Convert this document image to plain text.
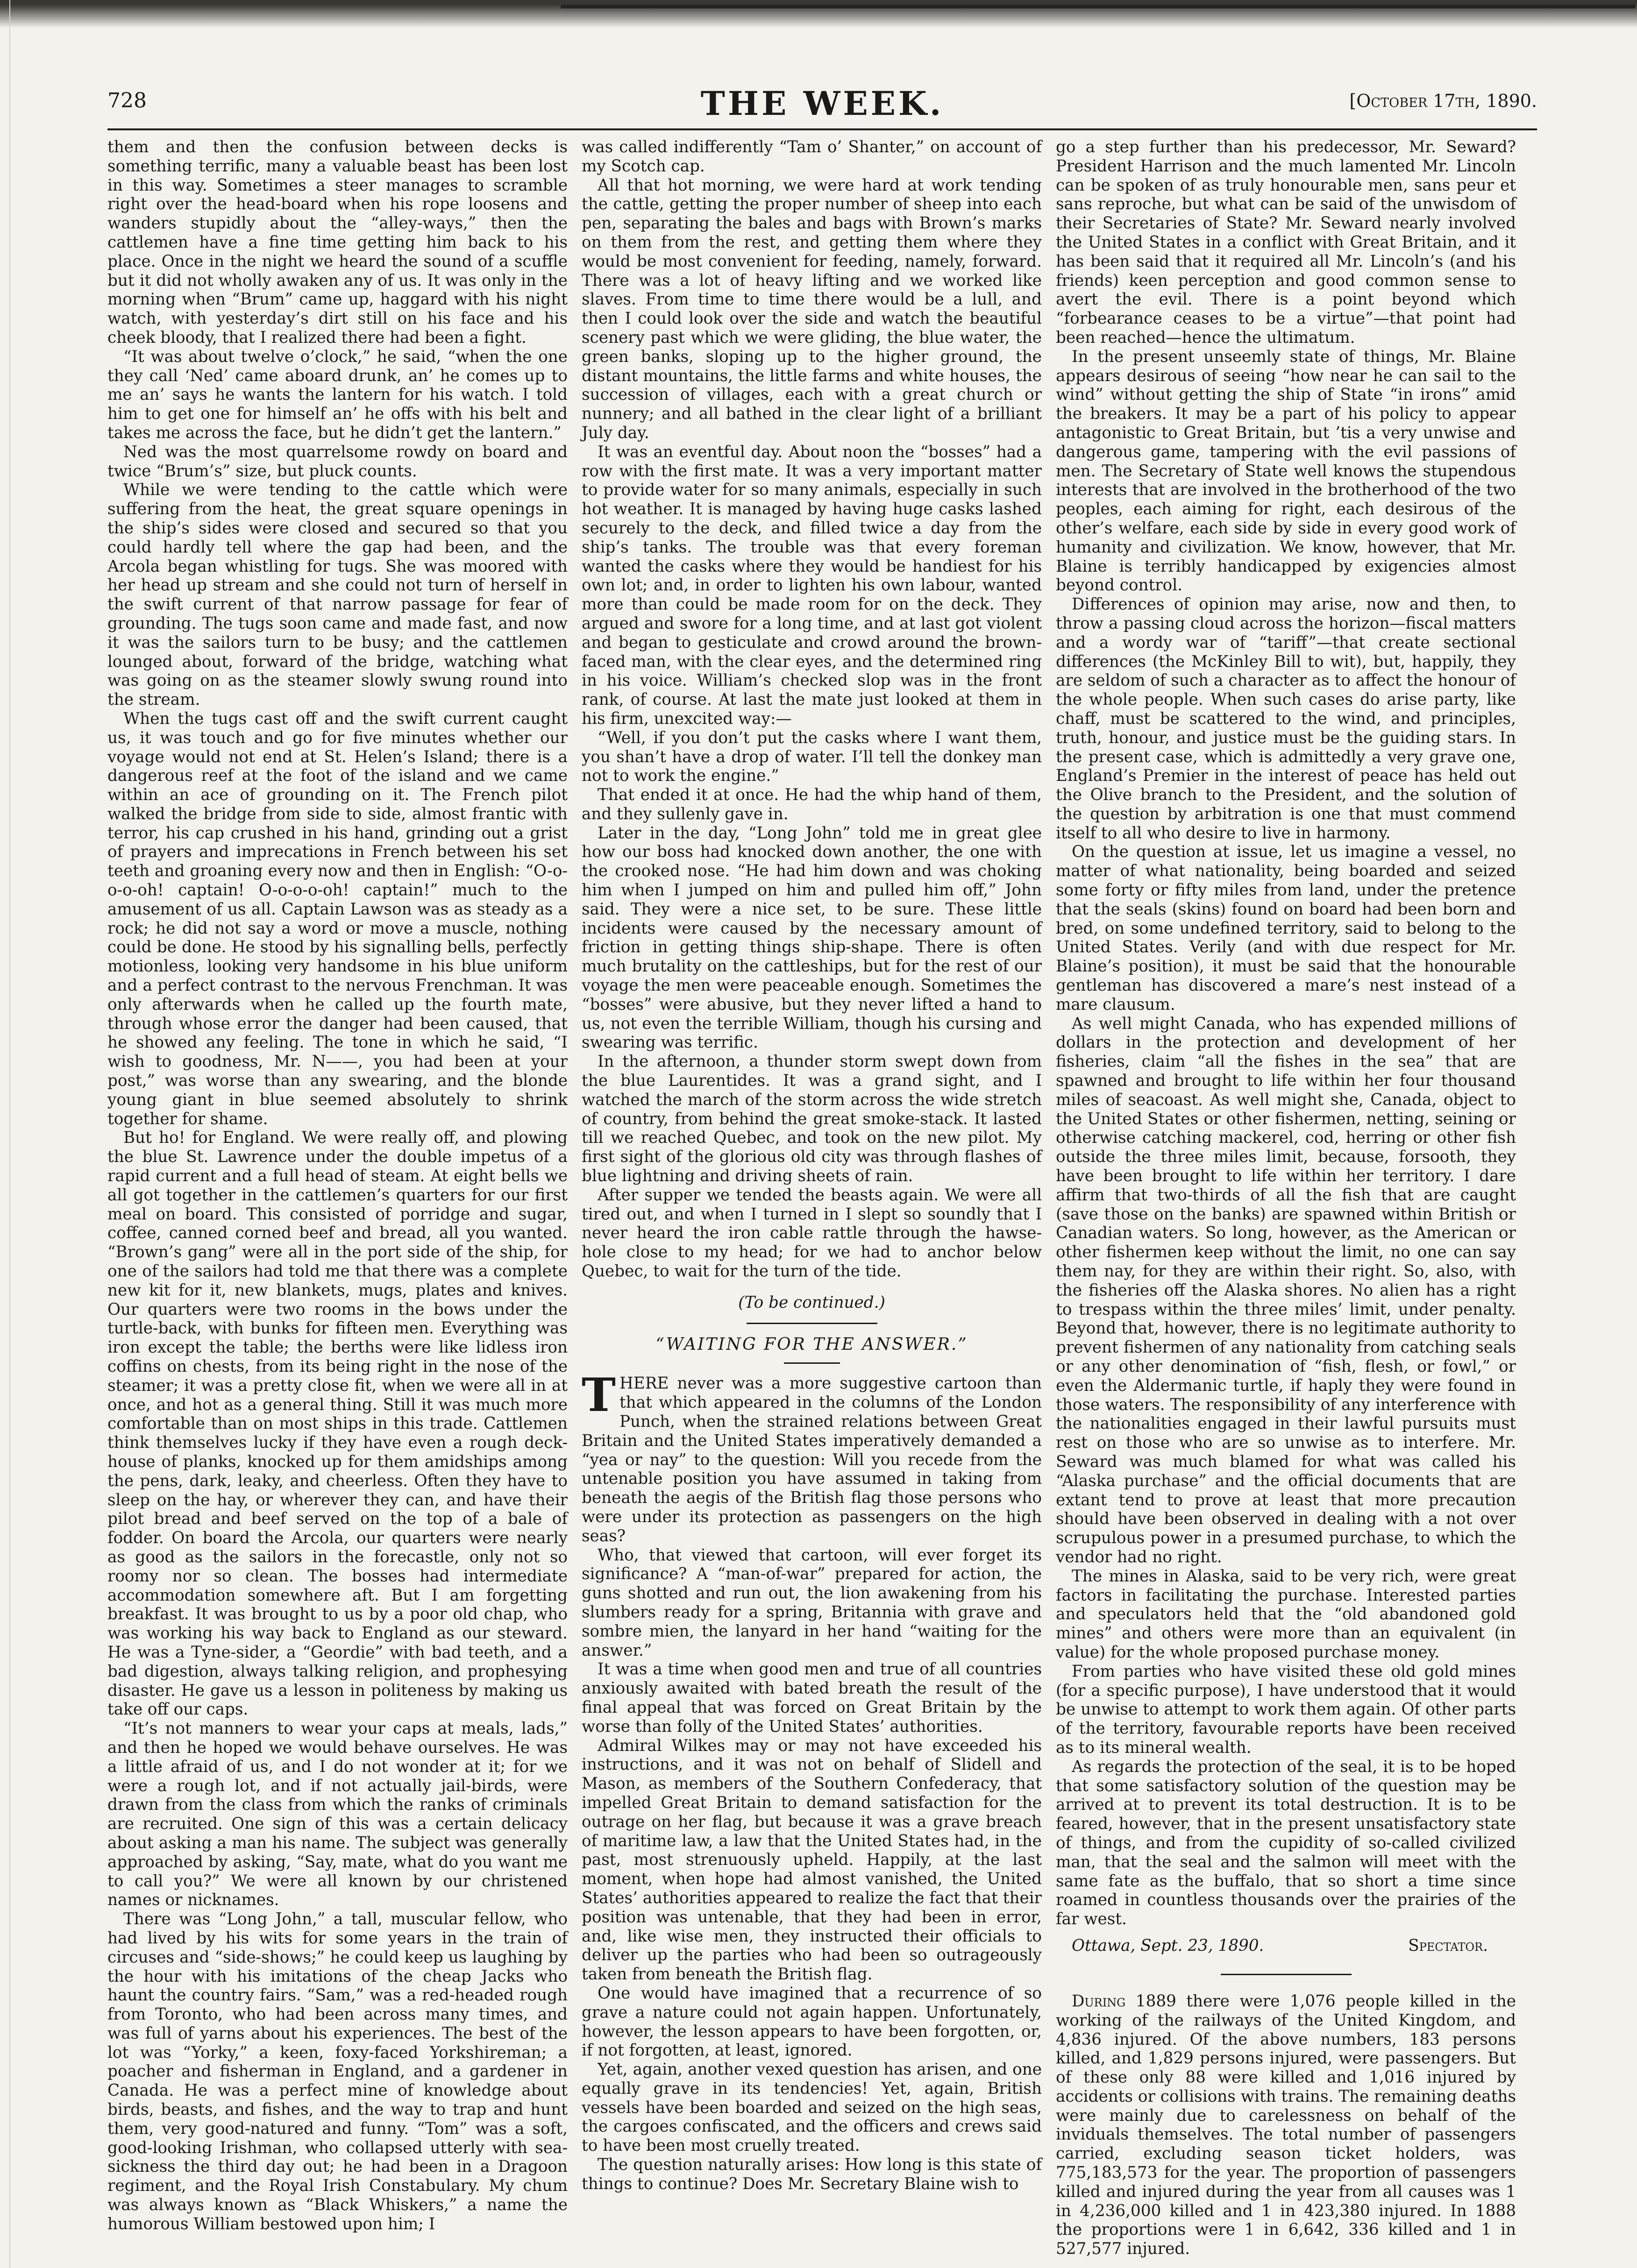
THE WEEK.
728	[October 17th, 1890.

them and then the confusion between decks is something terrific, many a valuable beast has been lost in this way. Sometimes a steer manages to scramble right over the head-board when his rope loosens and wanders stupidly about the “alley-ways,” then the cattlemen have a fine time getting him back to his place. Once in the night we heard the sound of a scuffle but it did not wholly awaken any of us. It was only in the morning when “Brum” came up, haggard with his night watch, with yesterday’s dirt still on his face and his cheek bloody, that I realized there had been a fight.

“It was about twelve o’clock,” he said, “when the one they call ‘Ned’ came aboard drunk, an’ he comes up to me an’ says he wants the lantern for his watch. I told him to get one for himself an’ he offs with his belt and takes me across the face, but he didn’t get the lantern.”

Ned was the most quarrelsome rowdy on board and twice “Brum’s” size, but pluck counts.

While we were tending to the cattle which were suffering from the heat, the great square openings in the ship’s sides were closed and secured so that you could hardly tell where the gap had been, and the Arcola began whistling for tugs. She was moored with her head up stream and she could not turn of herself in the swift current of that narrow passage for fear of grounding. The tugs soon came and made fast, and now it was the sailors turn to be busy; and the cattlemen lounged about, forward of the bridge, watching what was going on as the steamer slowly swung round into the stream.

When the tugs cast off and the swift current caught us, it was touch and go for five minutes whether our voyage would not end at St. Helen’s Island; there is a dangerous reef at the foot of the island and we came within an ace of grounding on it. The French pilot walked the bridge from side to side, almost frantic with terror, his cap crushed in his hand, grinding out a grist of prayers and imprecations in French between his set teeth and groaning every now and then in English: “O-o-o-o-oh! captain! O-o-o-o-oh! captain!” much to the amusement of us all. Captain Lawson was as steady as a rock; he did not say a word or move a muscle, nothing could be done. He stood by his signalling bells, perfectly motionless, looking very handsome in his blue uniform and a perfect contrast to the nervous Frenchman. It was only afterwards when he called up the fourth mate, through whose error the danger had been caused, that he showed any feeling. The tone in which he said, “I wish to goodness, Mr. N——, you had been at your post,” was worse than any swearing, and the blonde young giant in blue seemed absolutely to shrink together for shame.

But ho! for England. We were really off, and plowing the blue St. Lawrence under the double impetus of a rapid current and a full head of steam. At eight bells we all got together in the cattlemen’s quarters for our first meal on board. This consisted of porridge and sugar, coffee, canned corned beef and bread, all you wanted. “Brown’s gang” were all in the port side of the ship, for one of the sailors had told me that there was a complete new kit for it, new blankets, mugs, plates and knives. Our quarters were two rooms in the bows under the turtle-back, with bunks for fifteen men. Everything was iron except the table; the berths were like lidless iron coffins on chests, from its being right in the nose of the steamer; it was a pretty close fit, when we were all in at once, and hot as a general thing. Still it was much more comfortable than on most ships in this trade. Cattlemen think themselves lucky if they have even a rough deck-house of planks, knocked up for them amidships among the pens, dark, leaky, and cheerless. Often they have to sleep on the hay, or wherever they can, and have their pilot bread and beef served on the top of a bale of fodder. On board the Arcola, our quarters were nearly as good as the sailors in the forecastle, only not so roomy nor so clean. The bosses had intermediate accommodation somewhere aft. But I am forgetting breakfast. It was brought to us by a poor old chap, who was working his way back to England as our steward. He was a Tyne-sider, a “Geordie” with bad teeth, and a bad digestion, always talking religion, and prophesying disaster. He gave us a lesson in politeness by making us take off our caps.

“It’s not manners to wear your caps at meals, lads,” and then he hoped we would behave ourselves. He was a little afraid of us, and I do not wonder at it; for we were a rough lot, and if not actually jail-birds, were drawn from the class from which the ranks of criminals are recruited. One sign of this was a certain delicacy about asking a man his name. The subject was generally approached by asking, “Say, mate, what do you want me to call you?” We were all known by our christened names or nicknames.

There was “Long John,” a tall, muscular fellow, who had lived by his wits for some years in the train of circuses and “side-shows;” he could keep us laughing by the hour with his imitations of the cheap Jacks who haunt the country fairs. “Sam,” was a red-headed rough from Toronto, who had been across many times, and was full of yarns about his experiences. The best of the lot was “Yorky,” a keen, foxy-faced Yorkshireman; a poacher and fisherman in England, and a gardener in Canada. He was a perfect mine of knowledge about birds, beasts, and fishes, and the way to trap and hunt them, very good-natured and funny. “Tom” was a soft, good-looking Irishman, who collapsed utterly with sea-sickness the third day out; he had been in a Dragoon regiment, and the Royal Irish Constabulary. My chum was always known as “Black Whiskers,” a name the humorous William bestowed upon him; I

was called indifferently “Tam o’ Shanter,” on account of my Scotch cap.

All that hot morning, we were hard at work tending the cattle, getting the proper number of sheep into each pen, separating the bales and bags with Brown’s marks on them from the rest, and getting them where they would be most convenient for feeding, namely, forward. There was a lot of heavy lifting and we worked like slaves. From time to time there would be a lull, and then I could look over the side and watch the beautiful scenery past which we were gliding, the blue water, the green banks, sloping up to the higher ground, the distant mountains, the little farms and white houses, the succession of villages, each with a great church or nunnery; and all bathed in the clear light of a brilliant July day.

It was an eventful day. About noon the “bosses” had a row with the first mate. It was a very important matter to provide water for so many animals, especially in such hot weather. It is managed by having huge casks lashed securely to the deck, and filled twice a day from the ship’s tanks. The trouble was that every foreman wanted the casks where they would be handiest for his own lot; and, in order to lighten his own labour, wanted more than could be made room for on the deck. They argued and swore for a long time, and at last got violent and began to gesticulate and crowd around the brown-faced man, with the clear eyes, and the determined ring in his voice. William’s checked slop was in the front rank, of course. At last the mate just looked at them in his firm, unexcited way:—

“Well, if you don’t put the casks where I want them, you shan’t have a drop of water. I’ll tell the donkey man not to work the engine.”

That ended it at once. He had the whip hand of them, and they sullenly gave in.

Later in the day, “Long John” told me in great glee how our boss had knocked down another, the one with the crooked nose. “He had him down and was choking him when I jumped on him and pulled him off,” John said. They were a nice set, to be sure. These little incidents were caused by the necessary amount of friction in getting things ship-shape. There is often much brutality on the cattleships, but for the rest of our voyage the men were peaceable enough. Sometimes the “bosses” were abusive, but they never lifted a hand to us, not even the terrible William, though his cursing and swearing was terrific.

In the afternoon, a thunder storm swept down from the blue Laurentides. It was a grand sight, and I watched the march of the storm across the wide stretch of country, from behind the great smoke-stack. It lasted till we reached Quebec, and took on the new pilot. My first sight of the glorious old city was through flashes of blue lightning and driving sheets of rain.

After supper we tended the beasts again. We were all tired out, and when I turned in I slept so soundly that I never heard the iron cable rattle through the hawse-hole close to my head; for we had to anchor below Quebec, to wait for the turn of the tide.

(To be continued.)
“WAITING FOR THE ANSWER.”

THERE never was a more suggestive cartoon than that which appeared in the columns of the London Punch, when the strained relations between Great Britain and the United States imperatively demanded a “yea or nay” to the question: Will you recede from the untenable position you have assumed in taking from beneath the aegis of the British flag those persons who were under its protection as passengers on the high seas?

Who, that viewed that cartoon, will ever forget its significance? A “man-of-war” prepared for action, the guns shotted and run out, the lion awakening from his slumbers ready for a spring, Britannia with grave and sombre mien, the lanyard in her hand “waiting for the answer.”

It was a time when good men and true of all countries anxiously awaited with bated breath the result of the final appeal that was forced on Great Britain by the worse than folly of the United States’ authorities.

Admiral Wilkes may or may not have exceeded his instructions, and it was not on behalf of Slidell and Mason, as members of the Southern Confederacy, that impelled Great Britain to demand satisfaction for the outrage on her flag, but because it was a grave breach of maritime law, a law that the United States had, in the past, most strenuously upheld. Happily, at the last moment, when hope had almost vanished, the United States’ authorities appeared to realize the fact that their position was untenable, that they had been in error, and, like wise men, they instructed their officials to deliver up the parties who had been so outrageously taken from beneath the British flag.

One would have imagined that a recurrence of so grave a nature could not again happen. Unfortunately, however, the lesson appears to have been forgotten, or, if not forgotten, at least, ignored.

Yet, again, another vexed question has arisen, and one equally grave in its tendencies! Yet, again, British vessels have been boarded and seized on the high seas, the cargoes confiscated, and the officers and crews said to have been most cruelly treated.

The question naturally arises: How long is this state of things to continue? Does Mr. Secretary Blaine wish to

go a step further than his predecessor, Mr. Seward? President Harrison and the much lamented Mr. Lincoln can be spoken of as truly honourable men, sans peur et sans reproche, but what can be said of the unwisdom of their Secretaries of State? Mr. Seward nearly involved the United States in a conflict with Great Britain, and it has been said that it required all Mr. Lincoln’s (and his friends) keen perception and good common sense to avert the evil. There is a point beyond which “forbearance ceases to be a virtue”—that point had been reached—hence the ultimatum.

In the present unseemly state of things, Mr. Blaine appears desirous of seeing “how near he can sail to the wind” without getting the ship of State “in irons” amid the breakers. It may be a part of his policy to appear antagonistic to Great Britain, but ’tis a very unwise and dangerous game, tampering with the evil passions of men. The Secretary of State well knows the stupendous interests that are involved in the brotherhood of the two peoples, each aiming for right, each desirous of the other’s welfare, each side by side in every good work of humanity and civilization. We know, however, that Mr. Blaine is terribly handicapped by exigencies almost beyond control.

Differences of opinion may arise, now and then, to throw a passing cloud across the horizon—fiscal matters and a wordy war of “tariff”—that create sectional differences (the McKinley Bill to wit), but, happily, they are seldom of such a character as to affect the honour of the whole people. When such cases do arise party, like chaff, must be scattered to the wind, and principles, truth, honour, and justice must be the guiding stars. In the present case, which is admittedly a very grave one, England’s Premier in the interest of peace has held out the Olive branch to the President, and the solution of the question by arbitration is one that must commend itself to all who desire to live in harmony.

On the question at issue, let us imagine a vessel, no matter of what nationality, being boarded and seized some forty or fifty miles from land, under the pretence that the seals (skins) found on board had been born and bred, on some undefined territory, said to belong to the United States. Verily (and with due respect for Mr. Blaine’s position), it must be said that the honourable gentleman has discovered a mare’s nest instead of a mare clausum.

As well might Canada, who has expended millions of dollars in the protection and development of her fisheries, claim “all the fishes in the sea” that are spawned and brought to life within her four thousand miles of seacoast. As well might she, Canada, object to the United States or other fishermen, netting, seining or otherwise catching mackerel, cod, herring or other fish outside the three miles limit, because, forsooth, they have been brought to life within her territory. I dare affirm that two-thirds of all the fish that are caught (save those on the banks) are spawned within British or Canadian waters. So long, however, as the American or other fishermen keep without the limit, no one can say them nay, for they are within their right. So, also, with the fisheries off the Alaska shores. No alien has a right to trespass within the three miles’ limit, under penalty. Beyond that, however, there is no legitimate authority to prevent fishermen of any nationality from catching seals or any other denomination of “fish, flesh, or fowl,” or even the Aldermanic turtle, if haply they were found in those waters. The responsibility of any interference with the nationalities engaged in their lawful pursuits must rest on those who are so unwise as to interfere. Mr. Seward was much blamed for what was called his “Alaska purchase” and the official documents that are extant tend to prove at least that more precaution should have been observed in dealing with a not over scrupulous power in a presumed purchase, to which the vendor had no right.

The mines in Alaska, said to be very rich, were great factors in facilitating the purchase. Interested parties and speculators held that the “old abandoned gold mines” and others were more than an equivalent (in value) for the whole proposed purchase money.

From parties who have visited these old gold mines (for a specific purpose), I have understood that it would be unwise to attempt to work them again. Of other parts of the territory, favourable reports have been received as to its mineral wealth.

As regards the protection of the seal, it is to be hoped that some satisfactory solution of the question may be arrived at to prevent its total destruction. It is to be feared, however, that in the present unsatisfactory state of things, and from the cupidity of so-called civilized man, that the seal and the salmon will meet with the same fate as the buffalo, that so short a time since roamed in countless thousands over the prairies of the far west.

Ottawa, Sept. 23, 1890.	Spectator.

During 1889 there were 1,076 people killed in the working of the railways of the United Kingdom, and 4,836 injured. Of the above numbers, 183 persons killed, and 1,829 persons injured, were passengers. But of these only 88 were killed and 1,016 injured by accidents or collisions with trains. The remaining deaths were mainly due to carelessness on behalf of the inviduals themselves. The total number of passengers carried, excluding season ticket holders, was 775,183,573 for the year. The proportion of passengers killed and injured during the year from all causes was 1 in 4,236,000 killed and 1 in 423,380 injured. In 1888 the proportions were 1 in 6,642, 336 killed and 1 in 527,577 injured.
